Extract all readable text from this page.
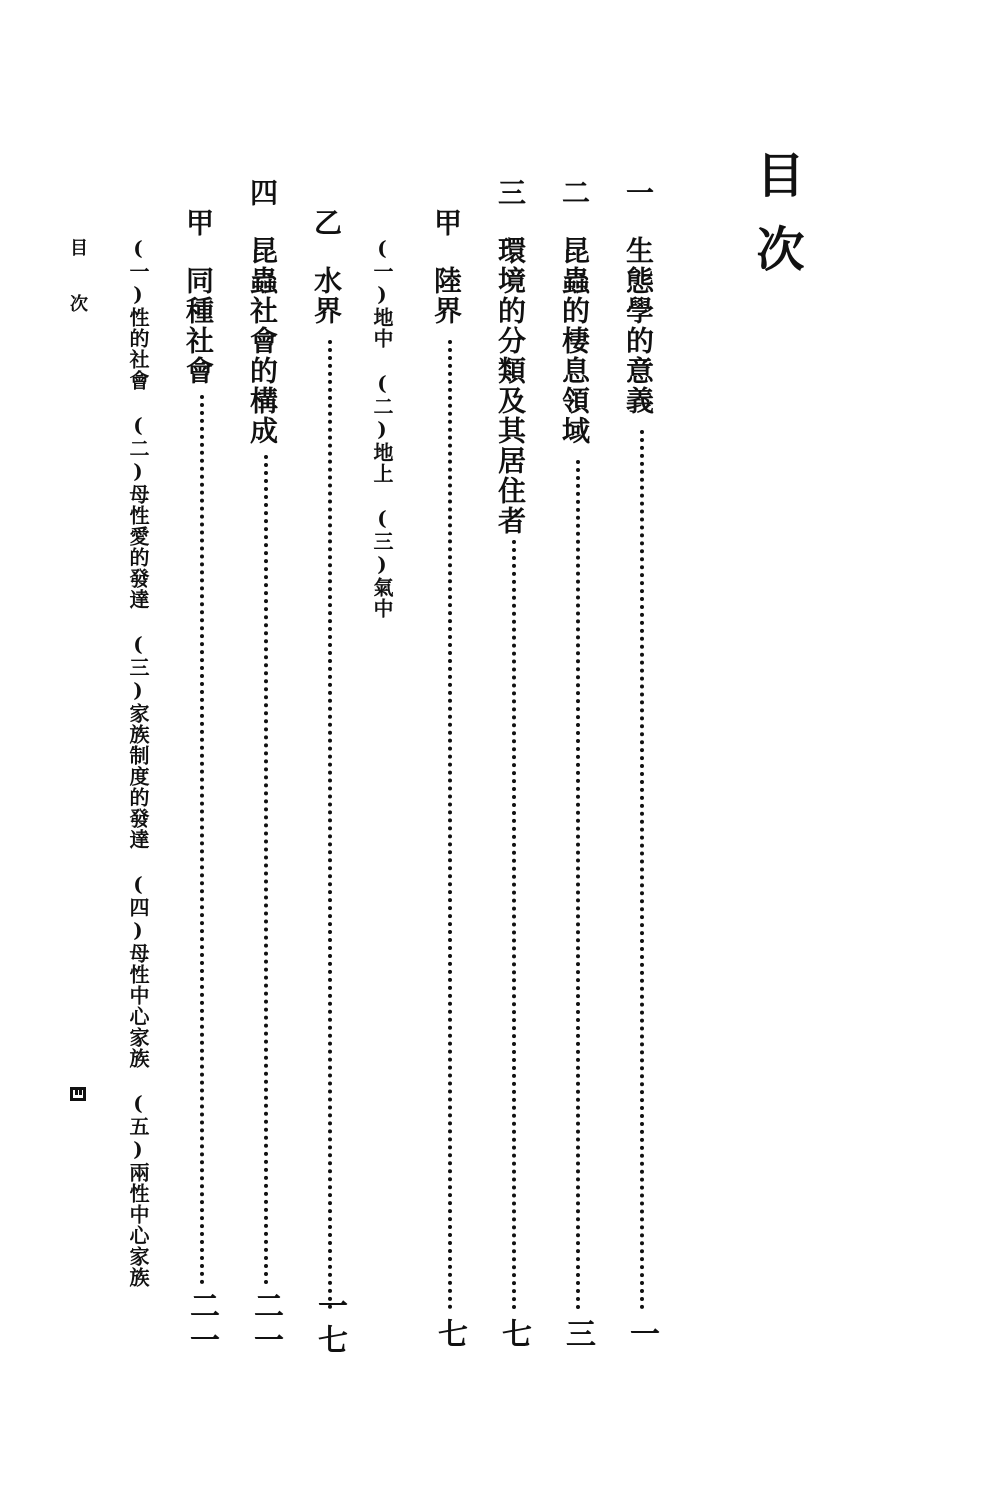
目次
一
生態學的意義
一
二
昆蟲的棲息領域
三
三
環境的分類及其居住者
七
甲
陸界
七
(一)地中(二)地上(三)氣中
乙
水界
一七
四
昆蟲社會的構成
二一
甲
同種社會
二一
(一)性的社會(二)母性愛的發達(三)家族制度的發達(四)母性中心家族(五)兩性中心家族
目次
